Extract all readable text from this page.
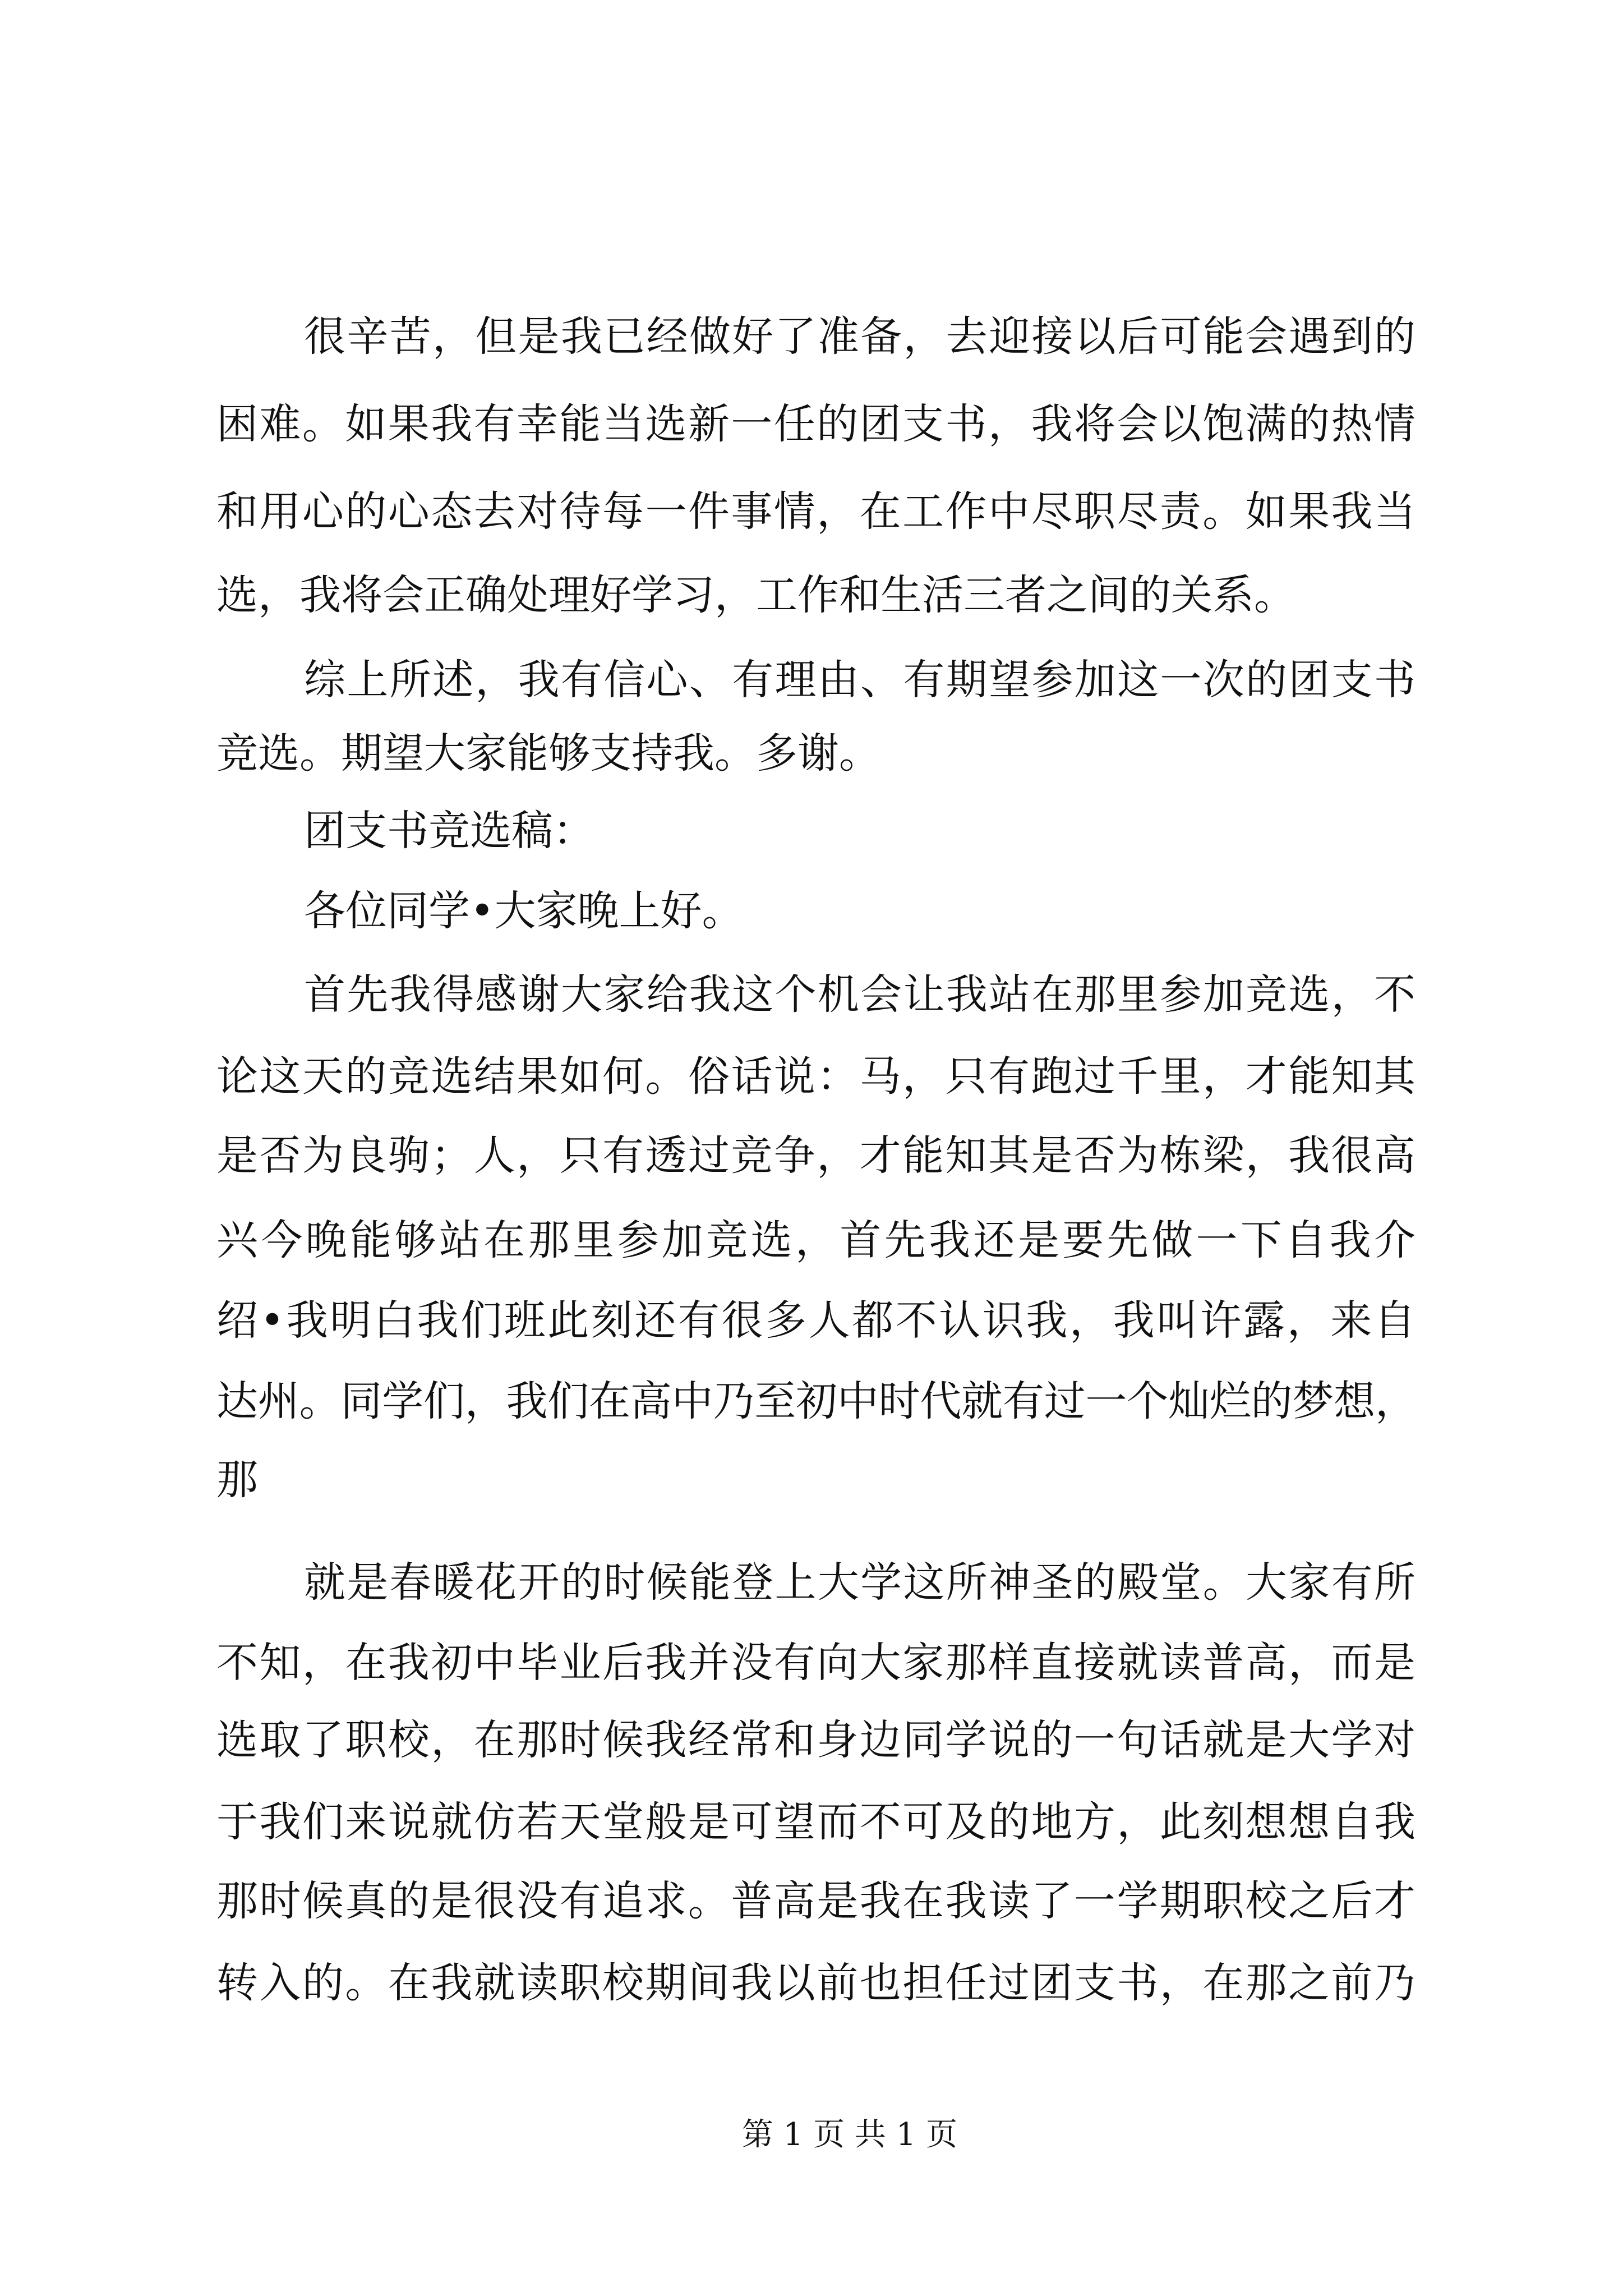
很辛苦，但是我已经做好了准备，去迎接以后可能会遇到的
困难。如果我有幸能当选新一任的团支书，我将会以饱满的热情
和用心的心态去对待每一件事情，在工作中尽职尽责。如果我当
选，我将会正确处理好学习，工作和生活三者之间的关系。
综上所述，我有信心、有理由、有期望参加这一次的团支书
竞选。期望大家能够支持我。多谢。
团支书竞选稿：
各位同学•大家晚上好。
首先我得感谢大家给我这个机会让我站在那里参加竞选，不
论这天的竞选结果如何。俗话说：马，只有跑过千里，才能知其
是否为良驹；人，只有透过竞争，才能知其是否为栋梁，我很高
兴今晚能够站在那里参加竞选，首先我还是要先做一下自我介
绍•我明白我们班此刻还有很多人都不认识我，我叫许露，来自
达州。同学们，我们在高中乃至初中时代就有过一个灿烂的梦想，
那
就是春暖花开的时候能登上大学这所神圣的殿堂。大家有所
不知，在我初中毕业后我并没有向大家那样直接就读普高，而是
选取了职校，在那时候我经常和身边同学说的一句话就是大学对
于我们来说就仿若天堂般是可望而不可及的地方，此刻想想自我
那时候真的是很没有追求。普高是我在我读了一学期职校之后才
转入的。在我就读职校期间我以前也担任过团支书，在那之前乃
第 1 页 共 1 页
